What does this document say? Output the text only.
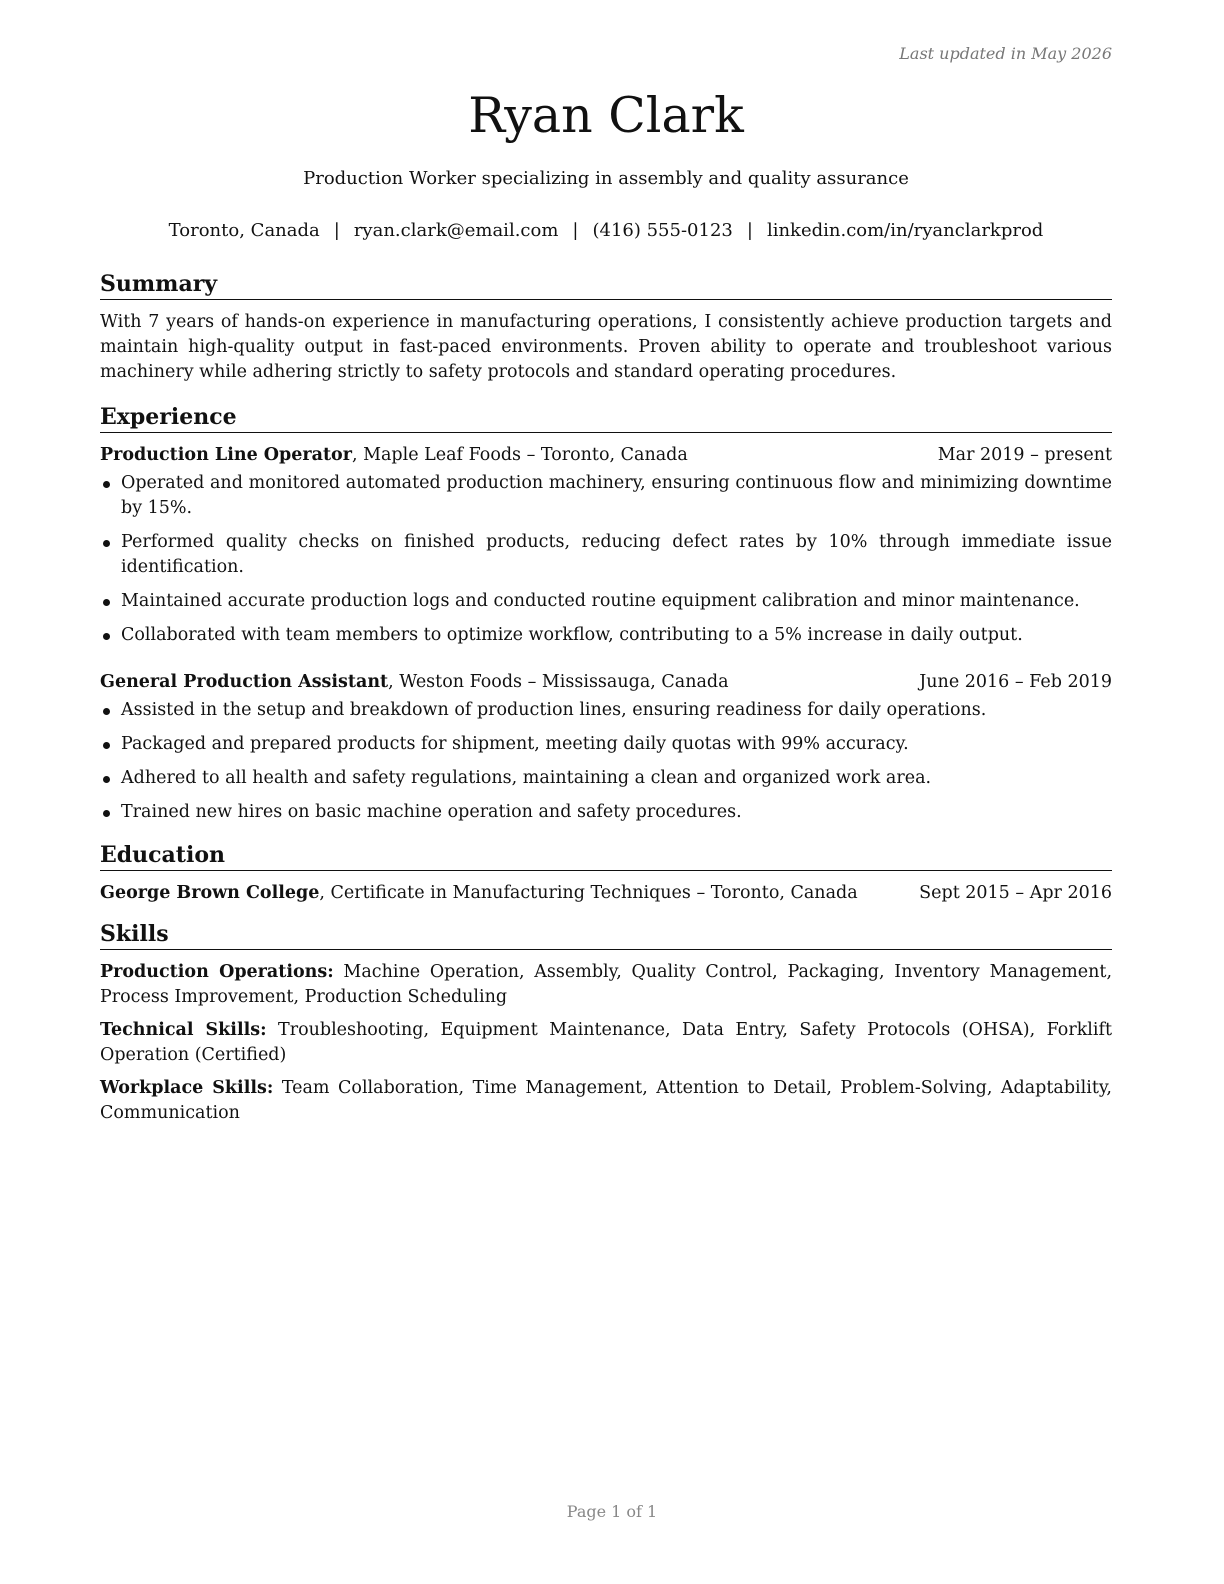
Last updated in May 2026
Ryan Clark
Production Worker specializing in assembly and quality assurance
Toronto, Canada | ryan.clark@email.com | (416) 555-0123 | linkedin.com/in/ryanclarkprod
Summary
With 7 years of hands-on experience in manufacturing operations, I consistently achieve production targets and maintain high-quality output in fast-paced environments. Proven ability to operate and troubleshoot various machinery while adhering strictly to safety protocols and standard operating procedures.
Experience
Production Line Operator, Maple Leaf Foods – Toronto, Canada	Mar 2019 – present
Operated and monitored automated production machinery, ensuring continuous flow and minimizing downtime by 15%.
Performed quality checks on finished products, reducing defect rates by 10% through immediate issue identification.
Maintained accurate production logs and conducted routine equipment calibration and minor maintenance.
Collaborated with team members to optimize workflow, contributing to a 5% increase in daily output.
General Production Assistant, Weston Foods – Mississauga, Canada	June 2016 – Feb 2019
Assisted in the setup and breakdown of production lines, ensuring readiness for daily operations.
Packaged and prepared products for shipment, meeting daily quotas with 99% accuracy.
Adhered to all health and safety regulations, maintaining a clean and organized work area.
Trained new hires on basic machine operation and safety procedures.
Education
George Brown College, Certificate in Manufacturing Techniques – Toronto, Canada	Sept 2015 – Apr 2016
Skills
Production Operations: Machine Operation, Assembly, Quality Control, Packaging, Inventory Management, Process Improvement, Production Scheduling
Technical Skills: Troubleshooting, Equipment Maintenance, Data Entry, Safety Protocols (OHSA), Forklift Operation (Certified)
Workplace Skills: Team Collaboration, Time Management, Attention to Detail, Problem-Solving, Adaptability, Communication
Page 1 of 1
